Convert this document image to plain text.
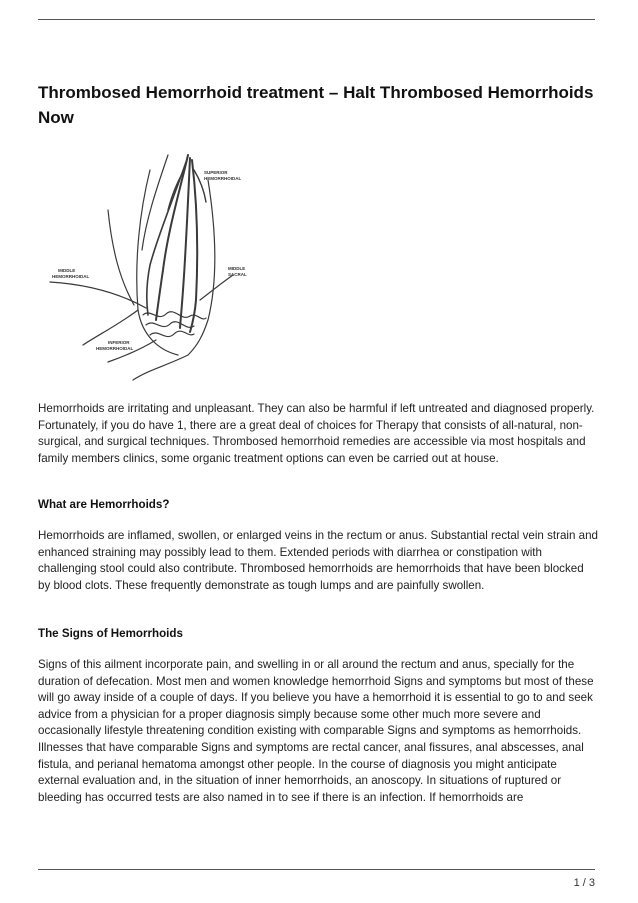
Thrombosed Hemorrhoid treatment – Halt Thrombosed Hemorrhoids Now
SUPERIOR
HEMORRHOIDAL
MIDDLE
HEMORRHOIDAL
MIDDLE
SACRAL
INFERIOR
HEMORRHOIDAL

Hemorrhoids are irritating and unpleasant. They can also be harmful if left untreated and diagnosed properly. Fortunately, if you do have 1, there are a great deal of choices for Therapy that consists of all-natural, non-surgical, and surgical techniques. Thrombosed hemorrhoid remedies are accessible via most hospitals and family members clinics, some organic treatment options can even be carried out at house.

What are Hemorrhoids?

Hemorrhoids are inflamed, swollen, or enlarged veins in the rectum or anus. Substantial rectal vein strain and enhanced straining may possibly lead to them. Extended periods with diarrhea or constipation with challenging stool could also contribute. Thrombosed hemorrhoids are hemorrhoids that have been blocked by blood clots. These frequently demonstrate as tough lumps and are painfully swollen.

The Signs of Hemorrhoids

Signs of this ailment incorporate pain, and swelling in or all around the rectum and anus, specially for the duration of defecation. Most men and women knowledge hemorrhoid Signs and symptoms but most of these will go away inside of a couple of days. If you believe you have a hemorrhoid it is essential to go to and seek advice from a physician for a proper diagnosis simply because some other much more severe and occasionally lifestyle threatening condition existing with comparable Signs and symptoms as hemorrhoids. Illnesses that have comparable Signs and symptoms are rectal cancer, anal fissures, anal abscesses, anal fistula, and perianal hematoma amongst other people. In the course of diagnosis you might anticipate external evaluation and, in the situation of inner hemorrhoids, an anoscopy. In situations of ruptured or bleeding has occurred tests are also named in to see if there is an infection. If hemorrhoids are

1 / 3
